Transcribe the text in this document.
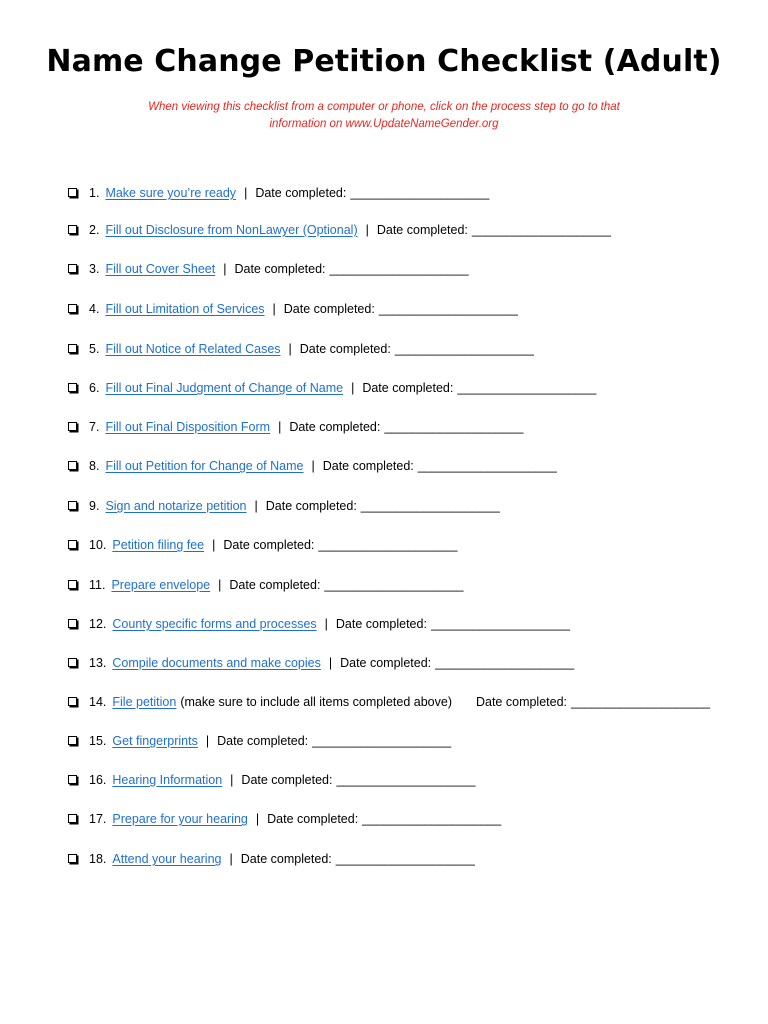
Name Change Petition Checklist (Adult)
When viewing this checklist from a computer or phone, click on the process step to go to that information on www.UpdateNameGender.org
1. Make sure you’re ready | Date completed: ____________________
2. Fill out Disclosure from NonLawyer (Optional) | Date completed: ____________________
3. Fill out Cover Sheet | Date completed: ____________________
4. Fill out Limitation of Services | Date completed: ____________________
5. Fill out Notice of Related Cases | Date completed: ____________________
6. Fill out Final Judgment of Change of Name | Date completed: ____________________
7. Fill out Final Disposition Form | Date completed: ____________________
8. Fill out Petition for Change of Name | Date completed: ____________________
9. Sign and notarize petition | Date completed: ____________________
10. Petition filing fee | Date completed: ____________________
11. Prepare envelope | Date completed: ____________________
12. County specific forms and processes | Date completed: ____________________
13. Compile documents and make copies | Date completed: ____________________
14. File petition (make sure to include all items completed above) Date completed: ____________________
15. Get fingerprints | Date completed: ____________________
16. Hearing Information | Date completed: ____________________
17. Prepare for your hearing | Date completed: ____________________
18. Attend your hearing | Date completed: ____________________
